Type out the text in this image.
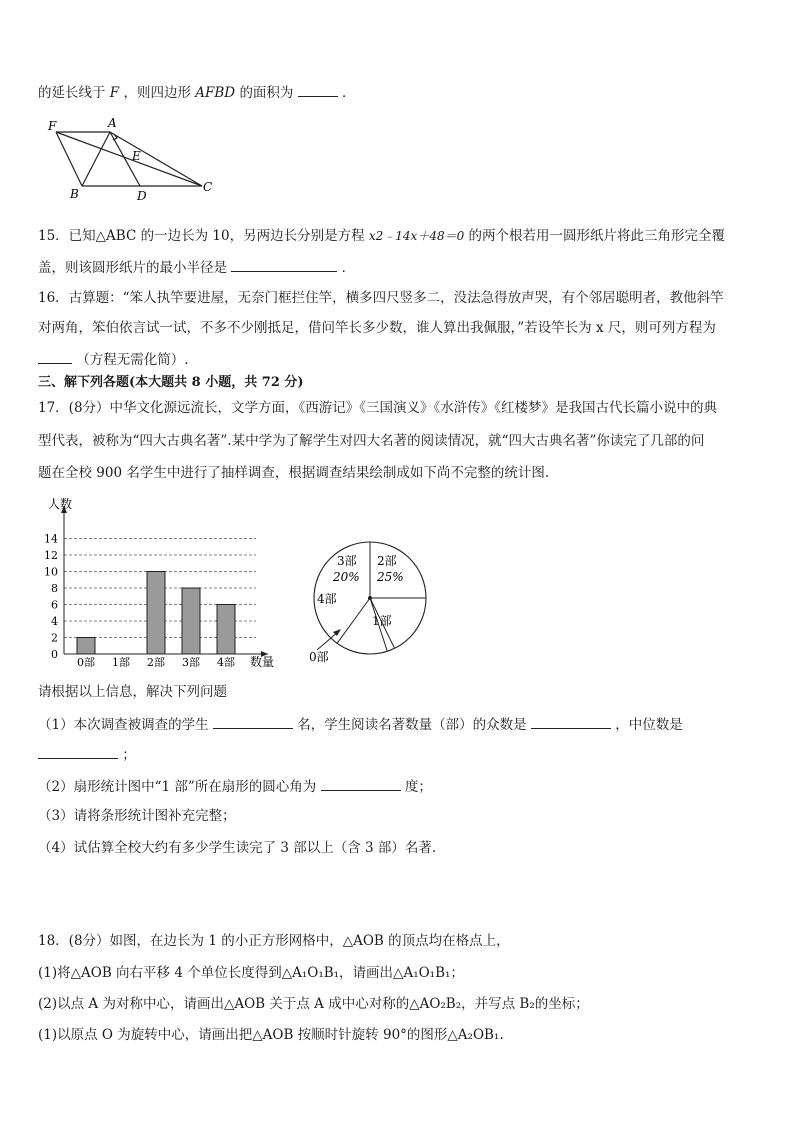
的延长线于 F ，则四边形 AFBD 的面积为	．
F	A
E
B	D
C
15．已知△ABC 的一边长为 10，另两边长分别是方程 x2﹣14x＋48＝0 的两个根若用一圆形纸片将此三角形完全覆
盖，则该圆形纸片的最小半径是	．
16．古算题：“笨人执竿要进屋，无奈门框拦住竿，横多四尺竖多二，没法急得放声哭，有个邻居聪明者，教他斜竿
对两角，笨伯依言试一试，不多不少刚抵足，借问竿长多少数，谁人算出我佩服，”若设竿长为 x 尺，则可列方程为
（方程无需化简）.
三、解下列各题(本大题共 8 小题，共 72 分)
17．(8分）中华文化源远流长，文学方面，《西游记》《三国演义》《水浒传》《红楼梦》是我国古代长篇小说中的典
型代表，被称为“四大古典名著”.某中学为了解学生对四大名著的阅读情况，就“四大古典名著”你读完了几部的问
题在全校 900 名学生中进行了抽样调查，根据调查结果绘制成如下尚不完整的统计图.
0
2
4
6
8
10
12
14
人数
数量
0部 1部 2部 3部 4部
2部
25%
1部
0部
4部
3部
20%
请根据以上信息，解决下列问题
（1）本次调查被调查的学生	名，学生阅读名著数量（部）的众数是	，中位数是
；
（2）扇形统计图中“1 部”所在扇形的圆心角为	度；
（3）请将条形统计图补充完整；
（4）试估算全校大约有多少学生读完了 3 部以上（含 3 部）名著.
18．(8分）如图，在边长为 1 的小正方形网格中，△AOB 的顶点均在格点上，
(1)将△AOB 向右平移 4 个单位长度得到△A₁O₁B₁，请画出△A₁O₁B₁；
(2)以点 A 为对称中心，请画出△AOB 关于点 A 成中心对称的△AO₂B₂，并写点 B₂的坐标；
(1)以原点 O 为旋转中心，请画出把△AOB 按顺时针旋转 90°的图形△A₂OB₁.
